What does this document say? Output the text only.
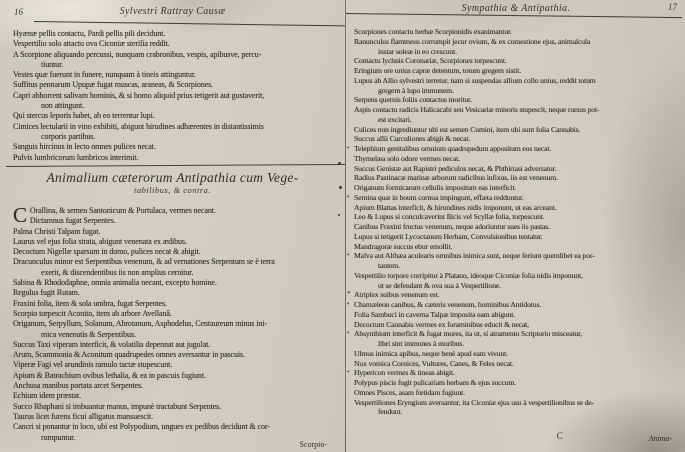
16	Sylvestri Rattray Causæ
Hyænæ pellis contactu, Pardi pellis pili decidunt.
Vespertilio solo attactu ova Ciconiæ sterilia reddit.
A Scorpione aliquando percussi, nunquam crabronibus, vespis, apibusve, percu-
tiuntur.
Vestes quæ fuerunt in funere, nunquam à tineis attinguntur.
Suffitus pennarum Upupæ fugat muscas, araneas, & Scorpiones.
Capri abhorrent salivam hominis, & si homo aliquid prius tetigerit aut gustaverit,
non attingunt.
Qui stercus leporis habet, ab eo terrentur lupi.
Cimices lectularii in vino exhibiti, abigunt hirudines adhærentes in distantissimis
corporis partibus.
Sanguis hircinus in lecto omnes pulices necat.
Pulvis lumbricorum lumbricos interimit.
Animalium cæterorum Antipathia cum Vege-
tabilibus, & contra.
C Orallina, & semen Santonicum & Portulaca, vermes necant.
Dictamnus fugat Serpentes.
Palma Christi Talpam fugat.
Laurus vel ejus folia strata, abigunt venenata ex ædibus.
Decoctum Nigellæ sparsum in domo, pulices necat & abigit.
Dracunculus minor est Serpentibus venenum, & ad vernationes Serpentum se è terra
exerit, & discendentibus iis non amplius cernitur.
Sabina & Rhododaphne, omnia animalia necant, excepto homine.
Regulus fugit Rutam.
Fraxini folia, item & sola umbra, fugat Serpentes.
Scorpio torpescit Aconito, item ab arbore Avellanâ.
Origanum, Serpyllum, Solanum, Abrotanum, Asphodelus, Centaureum minus ini-
mica venenatis & Serpentibus.
Succus Taxi viperam interficit, & volatilia depennat aut jugulat.
Arum, Scammonia & Aconitum quadrupedes omnes aversantur in pascuis.
Viperæ Fagi vel arundinis ramulo tactæ stupescunt.
Apium & Batrachium ovibus lethalia, & ea in pascuis fugiunt.
Anchusa manibus portata arcet Serpentes.
Echium idem præstat.
Succo Rhaphani si imbuantur manus, impunè tractabunt Serpentes.
Taurus licet furens ficui alligatus mansuescit.
Cancri si ponantur in loco, ubi est Polypodium, ungues ex pedibus decidunt & cor-
rumpuntur.
Scorpio-
Sympathia & Antipathia.	17
Scorpiones contactu herbæ Scorpionidis exanimantur.
Ranunculus flammeus corrumpit jecur ovium, & ex comestione ejus, animalcula
instar soleæ in eo crescunt.
Contactu lychnis Coronariæ, Scorpiones torpescunt.
Eringium ore unius capræ detentum, totum gregem sistit.
Lupus ab Allio sylvestri terretur, nam si suspendas allium collo unius, reddit totum
gregem à lupo immunem.
Serpens quernis foliis contactus moritur.
Aspis contactu radicis Halicacabi seu Vesicariæ minoris stupescit, neque rursus pot-
est excitari.
Culices non ingrediuntur ubi est semen Cumini, item ubi sunt folia Cannabis.
Succus allii Curculiones abigit & necat.
• Telephium genitalibus omnium quadrupedum appositum eos necat.
Thymelæa solo odore vermes necat.
Succus Genistæ aut Rapistri pediculos necat, & Phthiriasi adversatur.
Radius Pastinacæ marinæ arborum radicibus infixus, iis est venenum.
Origanum formicarum cellulis impositum eas interficit.
• Semina quæ in boum cornua impingunt, effæta redduntur.
Apium Blattas interficit, & hirundines nidis imponunt, ut eas arceant.
Leo & Lupus si conculcaverint Ilicis vel Scyllæ folia, torpescunt.
Canibus Fraxini fructus venenum, neque adoriuntur sues iis pastas.
Lupus si tetigerit Lycoctanum Herbam, Convulsionibus tentatur.
Mandragoræ succus ebur emollit.
• Malva aut Althæa aculearis omnibus inimica sunt, neque feriunt quemlibet ea por-
tantem.
Vespertilio torpore corripitur à Platano, ideoque Ciconiæ folia nidis imponunt,
ut se defendant & ova sua à Vespertilione.
* Atriplex suibus venenum est.
• Chamæleon canibus, & cæteris venenum, hominibus Antidotus.
Folia Sambuci in caverna Talpæ imposita eam abigunt.
Decoctum Cannabis vermes ex foraminibus educit & necat,
• Absynthium interficit & fugat mures, ita ut, si atramento Scriptorio misceatur,
libri sint immunes à muribus.
Ulmus inimica apibus, neque benè apud eam vivunt.
Nux vomica Cornices, Vultures, Canes, & Feles necat.
• Hypericon vermes & tineas abigit.
Polypus piscis fugit pulicariam herbam & ejus succum.
Omnes Pisces, asam fœtidam fugiunt.
Vespertiliones Eryngium aversantur, ita Ciconiæ ejus usu à vespertilionibus se de-
fendunt.
C	Anima-
